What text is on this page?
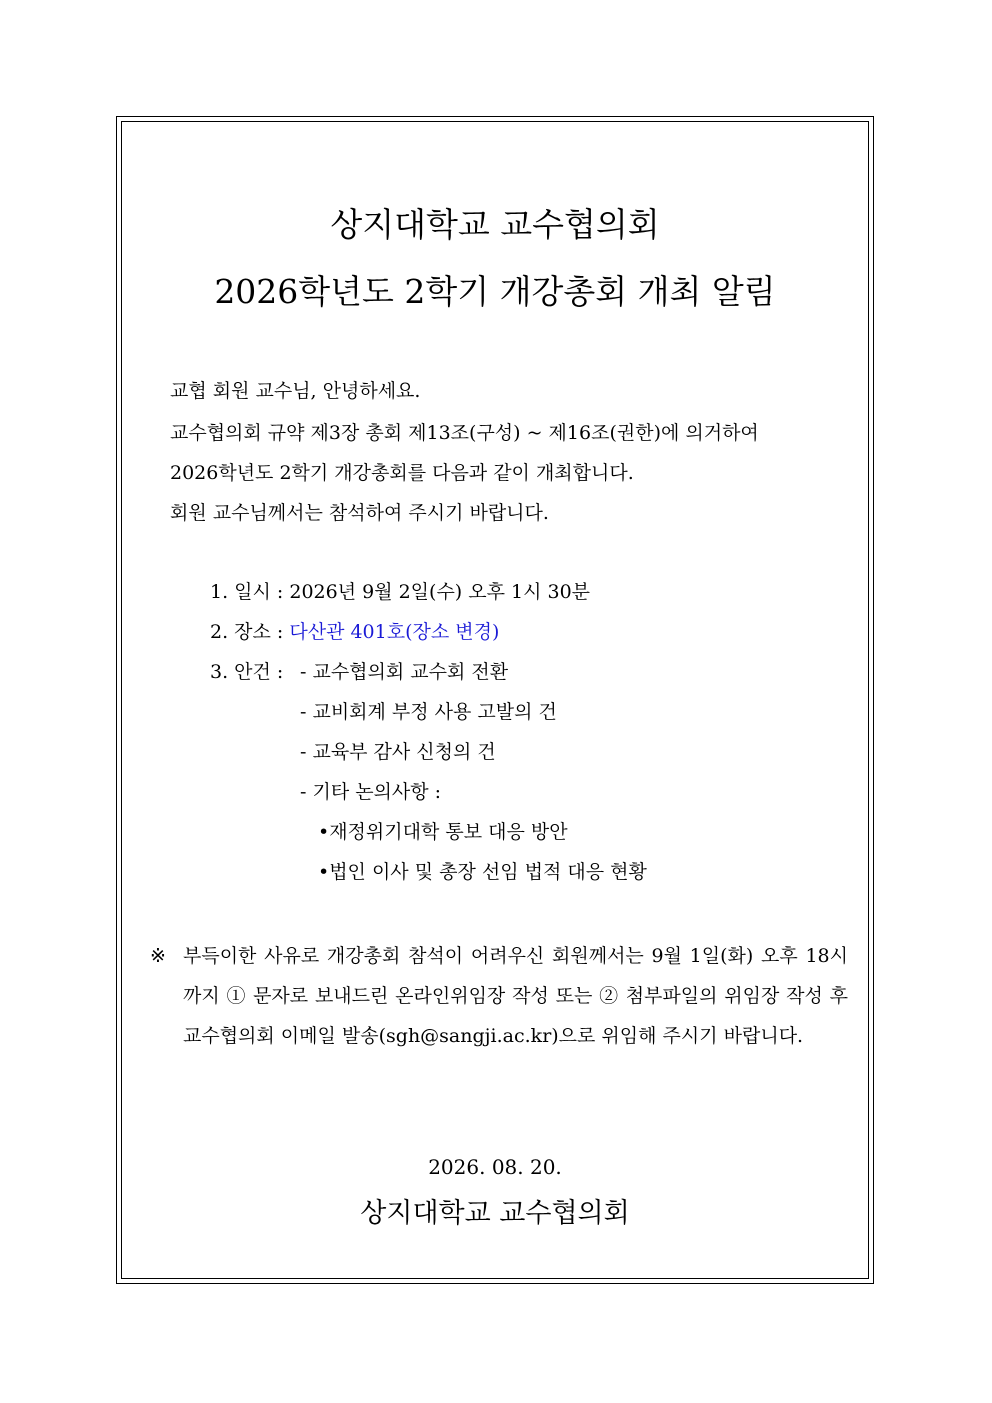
상지대학교 교수협의회
2026학년도 2학기 개강총회 개최 알림
교협 회원 교수님, 안녕하세요.
교수협의회 규약 제3장 총회 제13조(구성) ~ 제16조(권한)에 의거하여
2026학년도 2학기 개강총회를 다음과 같이 개최합니다.
회원 교수님께서는 참석하여 주시기 바랍니다.
1. 일시 : 2026년 9월 2일(수) 오후 1시 30분
2. 장소 : 다산관 401호(장소 변경)
3. 안건 : - 교수협의회 교수회 전환
- 교비회계 부정 사용 고발의 건
- 교육부 감사 신청의 건
- 기타 논의사항 :
•재정위기대학 통보 대응 방안
•법인 이사 및 총장 선임 법적 대응 현황
※ 부득이한 사유로 개강총회 참석이 어려우신 회원께서는 9월 1일(화) 오후 18시까지 ① 문자로 보내드린 온라인위임장 작성 또는 ② 첨부파일의 위임장 작성 후 교수협의회 이메일 발송(sgh@sangji.ac.kr)으로 위임해 주시기 바랍니다.
2026. 08. 20.
상지대학교 교수협의회
